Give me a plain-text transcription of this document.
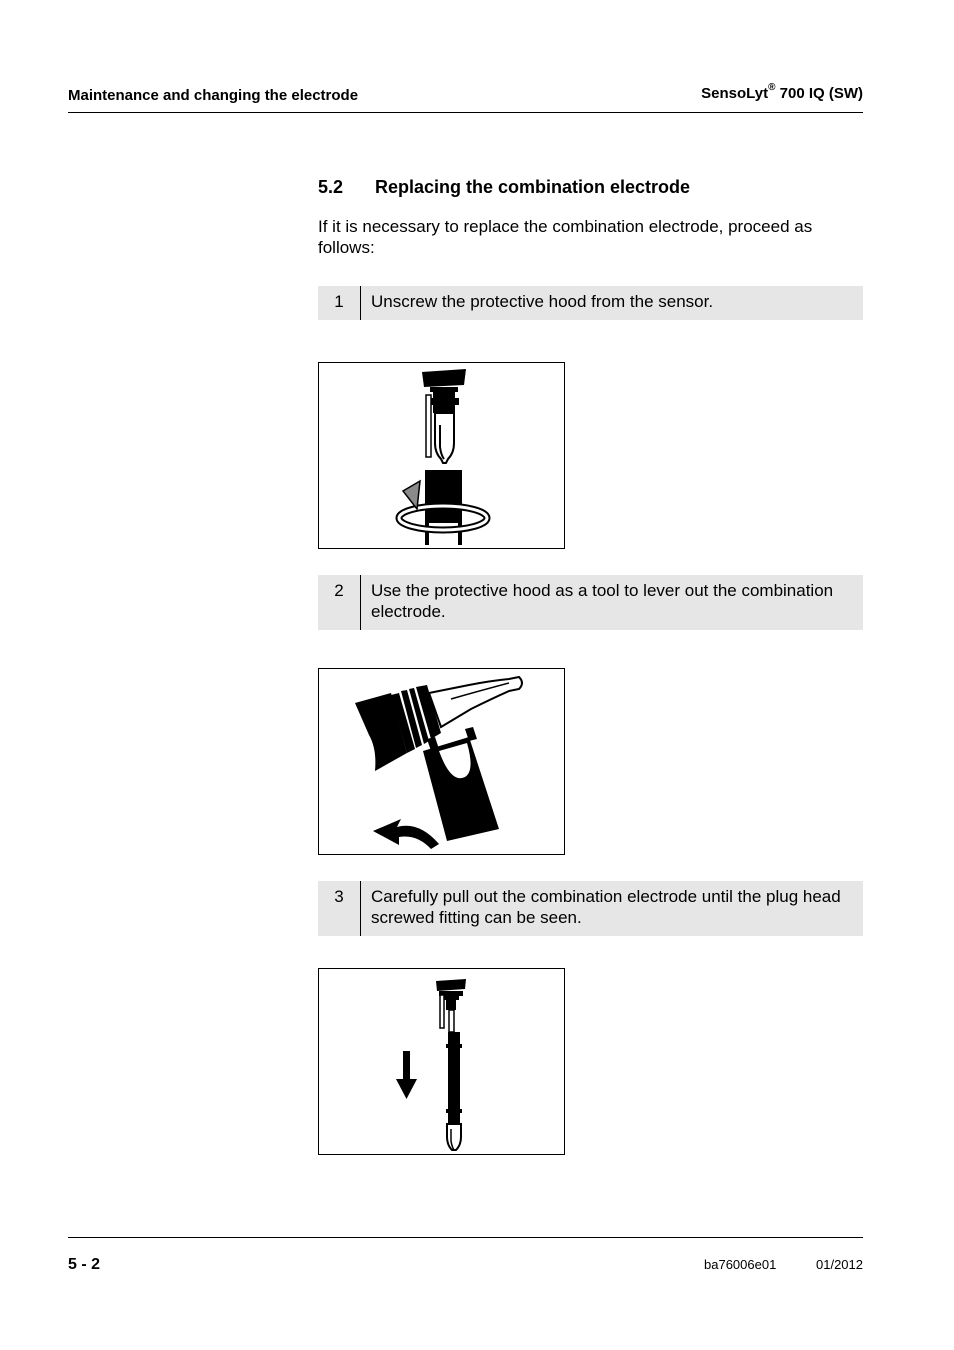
Maintenance and changing the electrode	SensoLyt® 700 IQ (SW)
5.2 Replacing the combination electrode
If it is necessary to replace the combination electrode, proceed as follows:
1	Unscrew the protective hood from the sensor.
2	Use the protective hood as a tool to lever out the combination electrode.
3	Carefully pull out the combination electrode until the plug head screwed fitting can be seen.
5 - 2	ba76006e01	01/2012
